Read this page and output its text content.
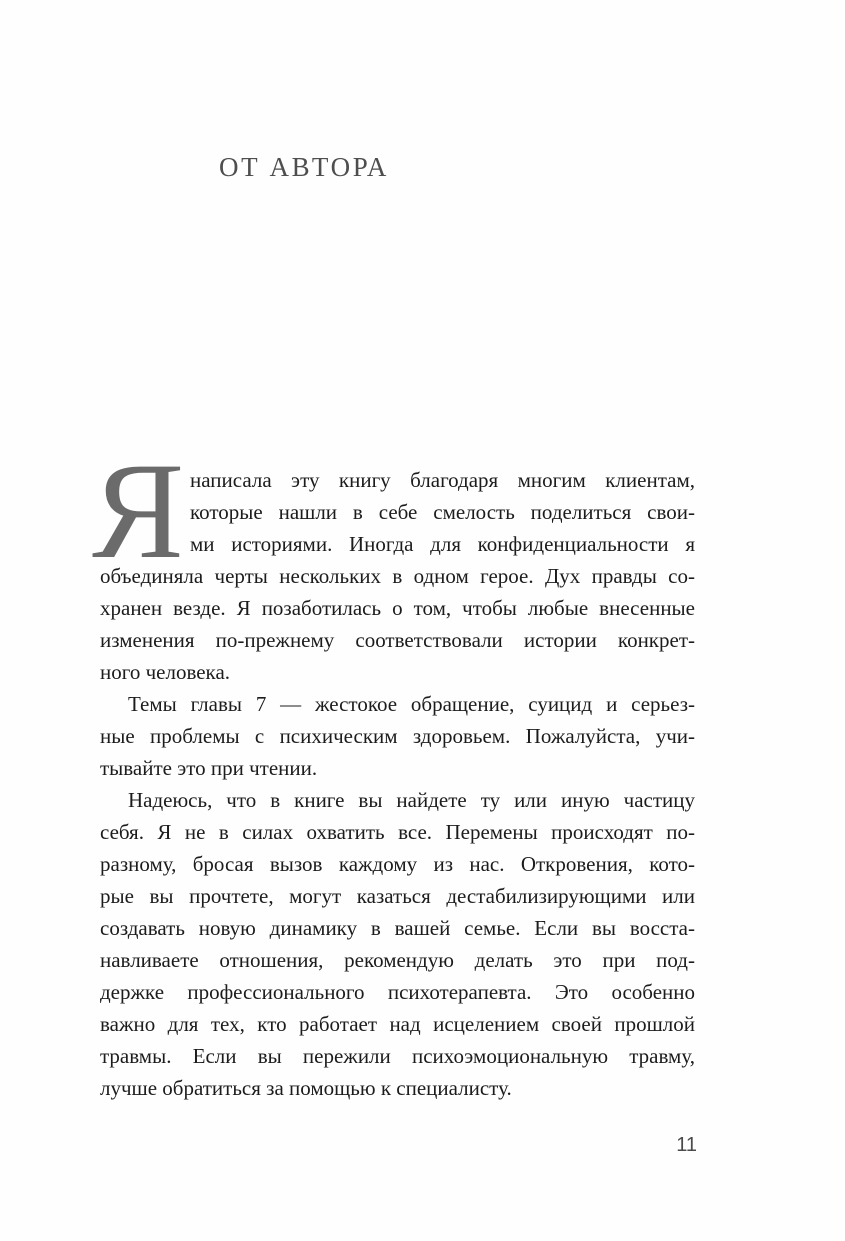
ОТ АВТОРА
Я написала эту книгу благодаря многим клиентам,
которые нашли в себе смелость поделиться свои-
ми историями. Иногда для конфиденциальности я
объединяла черты нескольких в одном герое. Дух правды со-
хранен везде. Я позаботилась о том, чтобы любые внесенные
изменения по-прежнему соответствовали истории конкрет-
ного человека.
Темы главы 7 — жестокое обращение, суицид и серьез-
ные проблемы с психическим здоровьем. Пожалуйста, учи-
тывайте это при чтении.
Надеюсь, что в книге вы найдете ту или иную частицу
себя. Я не в силах охватить все. Перемены происходят по-
разному, бросая вызов каждому из нас. Откровения, кото-
рые вы прочтете, могут казаться дестабилизирующими или
создавать новую динамику в вашей семье. Если вы восста-
навливаете отношения, рекомендую делать это при под-
держке профессионального психотерапевта. Это особенно
важно для тех, кто работает над исцелением своей прошлой
травмы. Если вы пережили психоэмоциональную травму,
лучше обратиться за помощью к специалисту.
11
